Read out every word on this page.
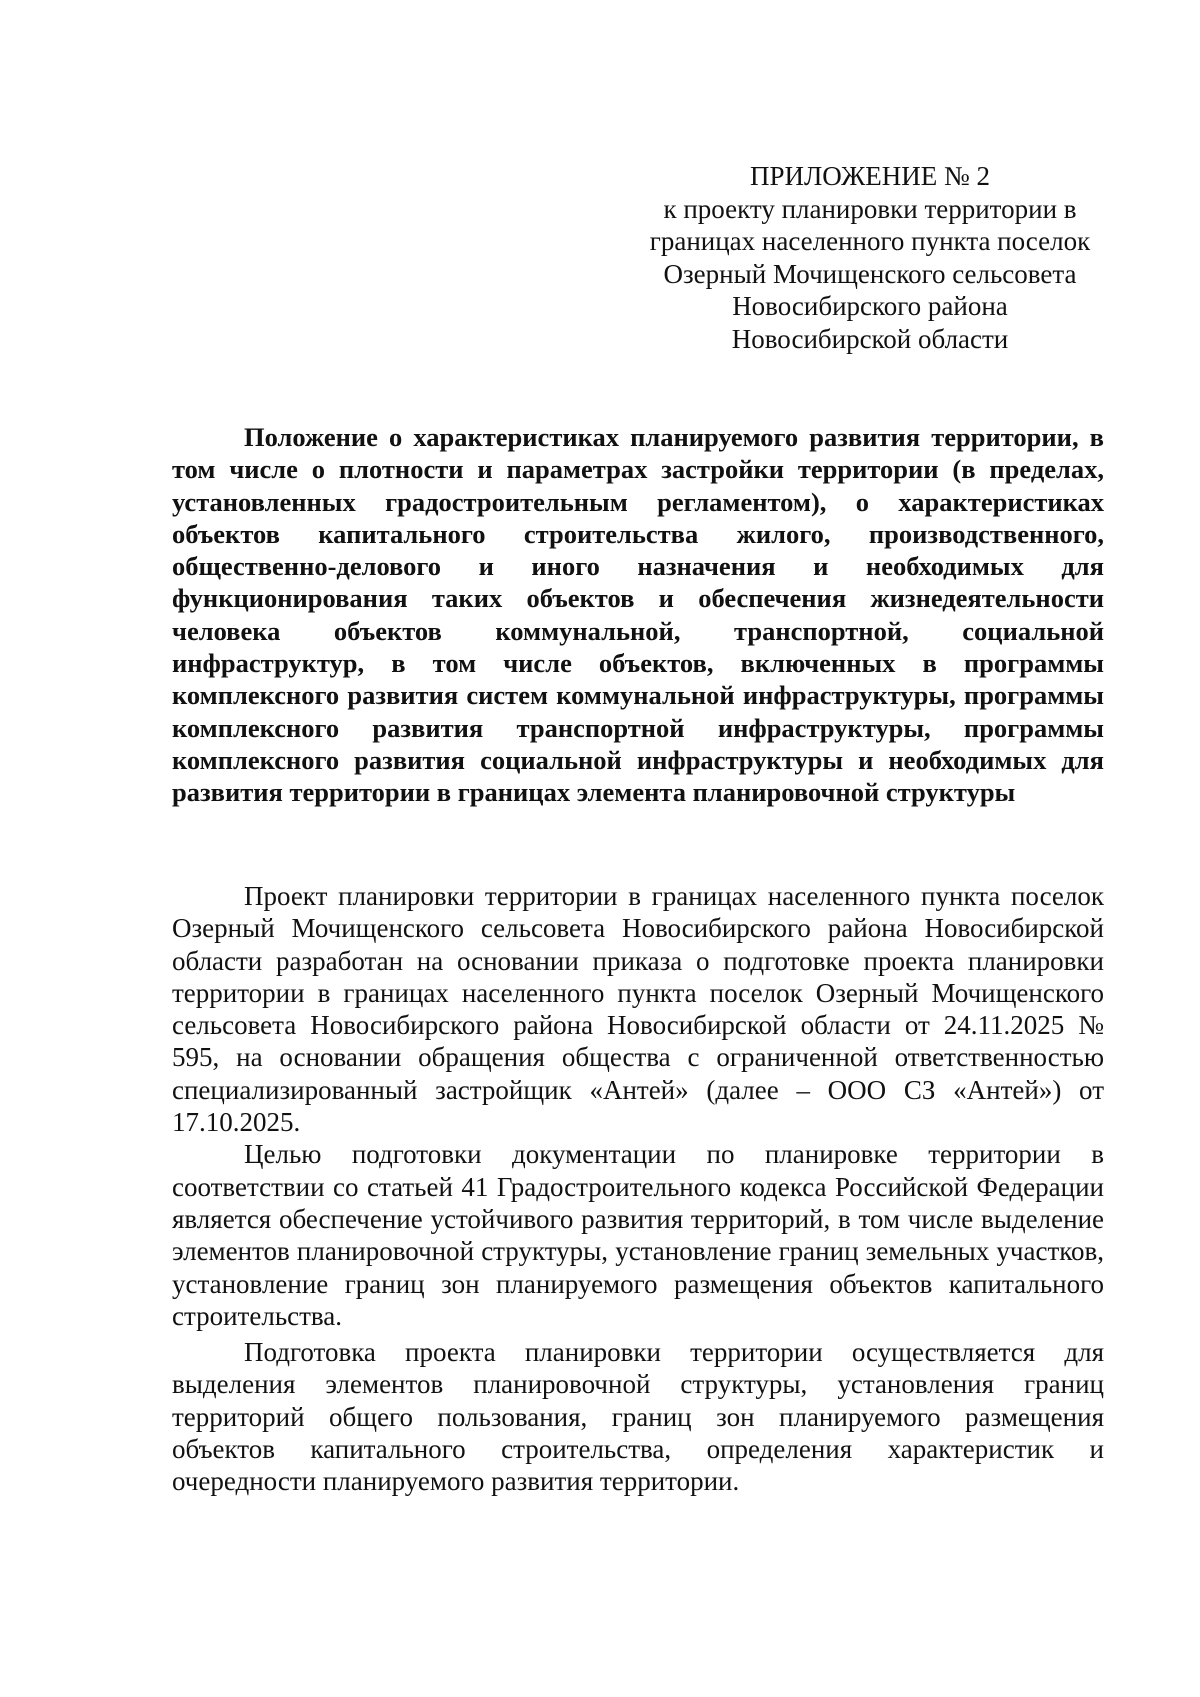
ПРИЛОЖЕНИЕ № 2
к проекту планировки территории в
границах населенного пункта поселок
Озерный Мочищенского сельсовета
Новосибирского района
Новосибирской области
Положение о характеристиках планируемого развития территории, в том числе о плотности и параметрах застройки территории (в пределах, установленных градостроительным регламентом), о характеристиках объектов капитального строительства жилого, производственного, общественно-делового и иного назначения и необходимых для функционирования таких объектов и обеспечения жизнедеятельности человека объектов коммунальной, транспортной, социальной инфраструктур, в том числе объектов, включенных в программы комплексного развития систем коммунальной инфраструктуры, программы комплексного развития транспортной инфраструктуры, программы комплексного развития социальной инфраструктуры и необходимых для развития территории в границах элемента планировочной структуры

Проект планировки территории в границах населенного пункта поселок Озерный Мочищенского сельсовета Новосибирского района Новосибирской области разработан на основании приказа о подготовке проекта планировки территории в границах населенного пункта поселок Озерный Мочищенского сельсовета Новосибирского района Новосибирской области от 24.11.2025 № 595, на основании обращения общества с ограниченной ответственностью специализированный застройщик «Антей» (далее – ООО СЗ «Антей») от 17.10.2025.

Целью подготовки документации по планировке территории в соответствии со статьей 41 Градостроительного кодекса Российской Федерации является обеспечение устойчивого развития территорий, в том числе выделение элементов планировочной структуры, установление границ земельных участков, установление границ зон планируемого размещения объектов капитального строительства.

Подготовка проекта планировки территории осуществляется для выделения элементов планировочной структуры, установления границ территорий общего пользования, границ зон планируемого размещения объектов капитального строительства, определения характеристик и очередности планируемого развития территории.
